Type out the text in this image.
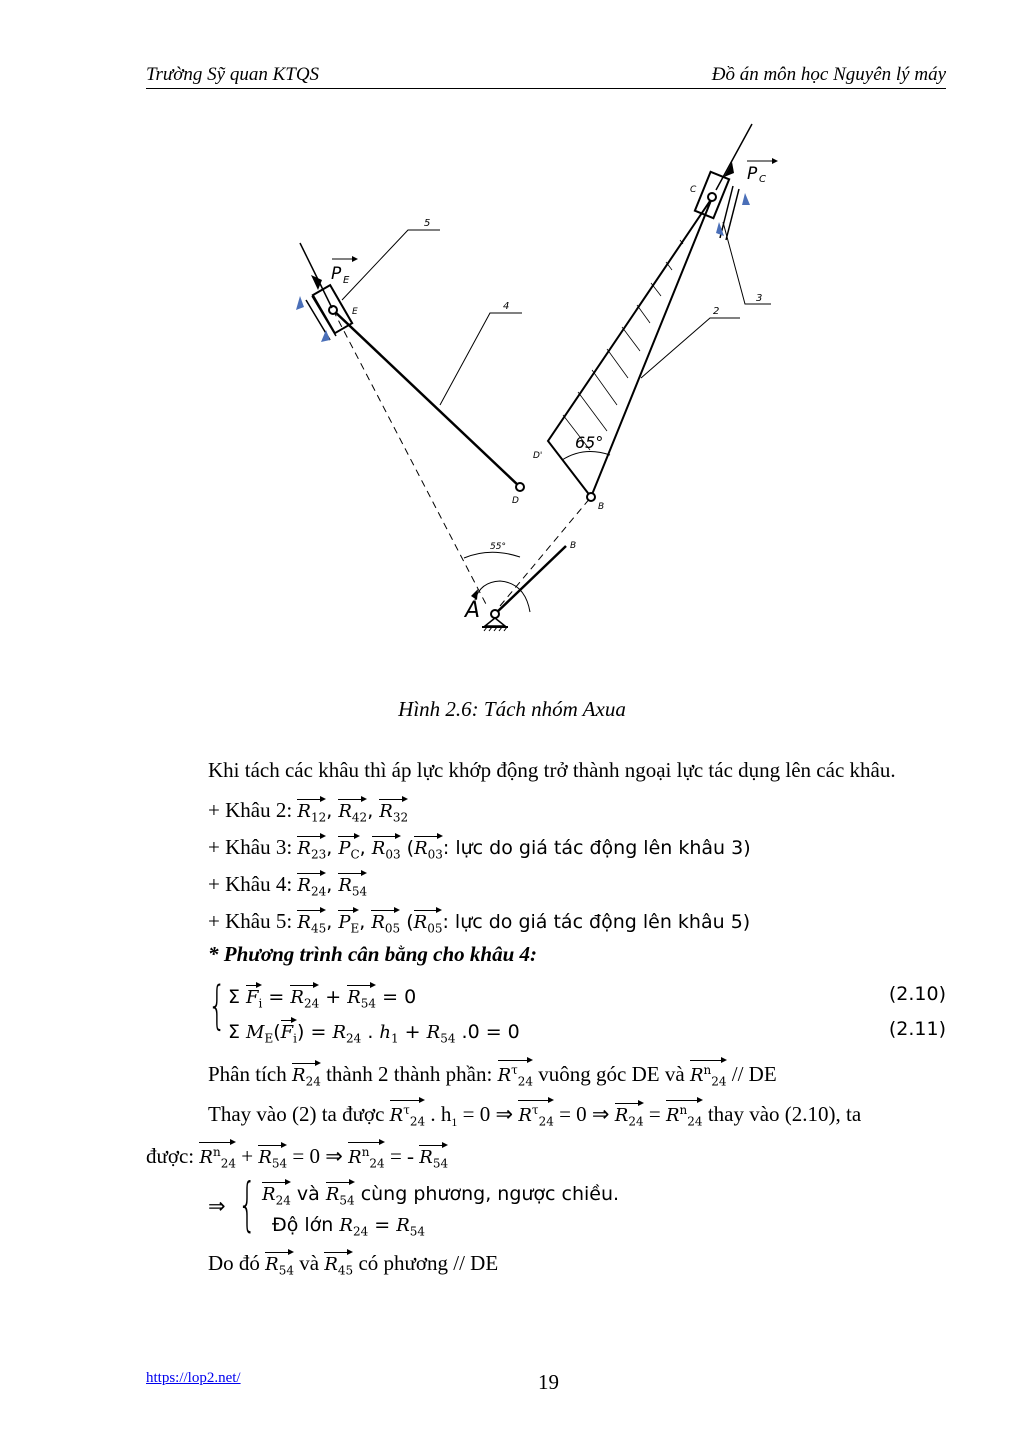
Trường Sỹ quan KTQS	Đồ án môn học Nguyên lý máy
P E
E
5
4
P C
C
3
2
B
D'
65°
D
B
55°
A
Hình 2.6: Tách nhóm Axua
Khi tách các khâu thì áp lực khớp động trở thành ngoại lực tác dụng lên các khâu.
+ Khâu 2: $R_{12}$, $R_{42}$, $R_{32}$
+ Khâu 3: $R_{23}$, $P_C$, $R_{03}$ ($R_{03}$: lực do giá tác động lên khâu 3)
+ Khâu 4: $R_{24}$, $R_{54}$
+ Khâu 5: $R_{45}$, $P_E$, $R_{05}$ ($R_{05}$: lực do giá tác động lên khâu 5)
* Phương trình cân bằng cho khâu 4:
{ Σ $F_i = R_{24} + R_{54} = 0$	(2.10)
Σ $M_E(F_i) = R_{24}$ . $h_1 + R_{54}$ .0 = 0	(2.11)
Phân tích $R_{24}$ thành 2 thành phần: $R^\tau_{24}$ vuông góc DE và $R^n_{24}$ // DE
Thay vào (2) ta được $R^\tau_{24}$ . $h_1 = 0$ ⇒ $R^\tau_{24} = 0$ ⇒ $R_{24} = R^n_{24}$ thay vào (2.10), ta
được: $R^n_{24} + R_{54} = 0$ ⇒ $R^n_{24}$ = - $R_{54}$
⇒ { $R_{24}$ và $R_{54}$ cùng phương, ngược chiều.
Độ lớn $R_{24} = R_{54}$
Do đó $R_{54}$ và $R_{45}$ có phương // DE
https://lop2.net/	19
